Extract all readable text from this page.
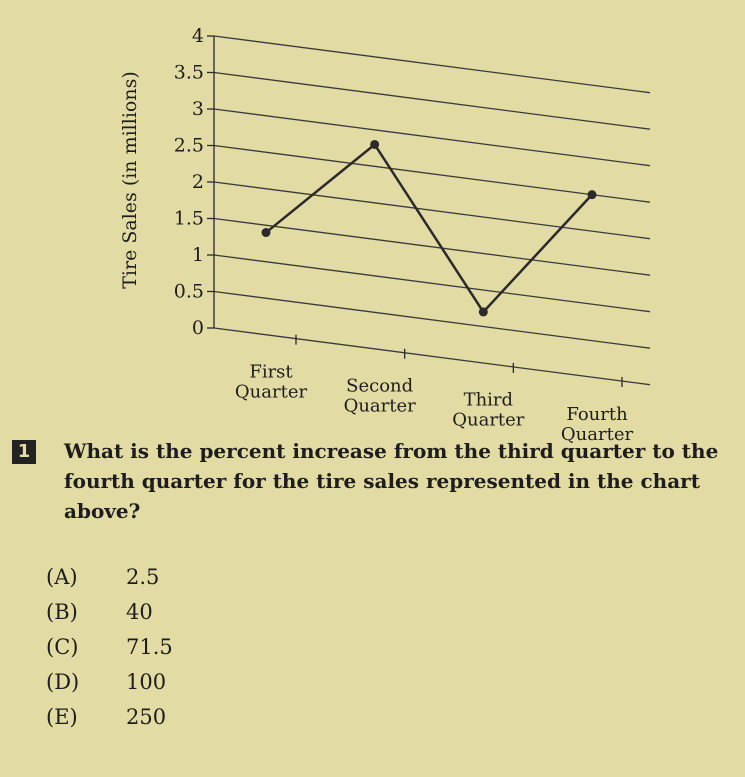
0
0.5
1
1.5
2
2.5
3
3.5
4
Tire Sales (in millions)
First Quarter Second Quarter	Third Quarter	Fourth Quarter
1 What is the percent increase from the third quarter to the fourth quarter for the tire sales represented in the chart above?
(A)	2.5
(B)	40
(C)	71.5
(D)	100
(E)	250
